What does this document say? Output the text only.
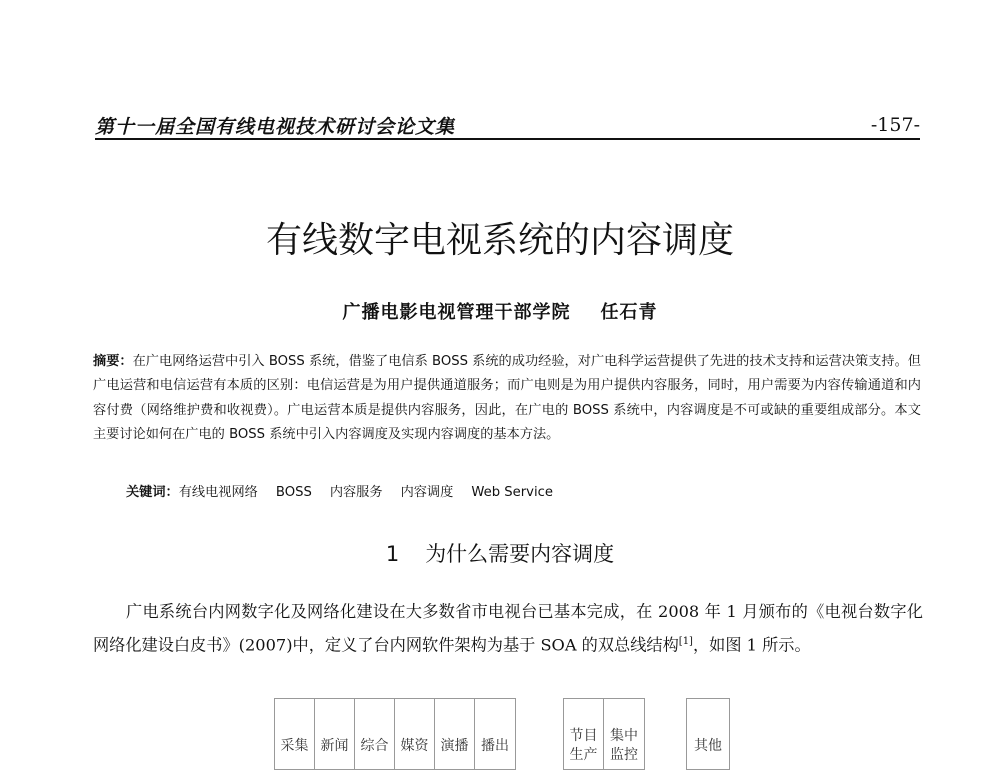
第十一届全国有线电视技术研讨会论文集	-157-
有线数字电视系统的内容调度
广播电影电视管理干部学院 任石青
摘要：在广电网络运营中引入 BOSS 系统，借鉴了电信系 BOSS 系统的成功经验，对广电科学运营提供了先进的技术支持和运营决策支持。但广电运营和电信运营有本质的区别：电信运营是为用户提供通道服务；而广电则是为用户提供内容服务，同时，用户需要为内容传输通道和内容付费（网络维护费和收视费）。广电运营本质是提供内容服务，因此，在广电的 BOSS 系统中，内容调度是不可或缺的重要组成部分。本文主要讨论如何在广电的 BOSS 系统中引入内容调度及实现内容调度的基本方法。
关键词：有线电视网络 BOSS 内容服务 内容调度 Web Service
1 为什么需要内容调度
广电系统台内网数字化及网络化建设在大多数省市电视台已基本完成，在 2008 年 1 月颁布的《电视台数字化网络化建设白皮书》(2007)中，定义了台内网软件架构为基于 SOA 的双总线结构[1]，如图 1 所示。
采集 新闻 综合 媒资 演播 播出
节目生产
集中监控
其他
